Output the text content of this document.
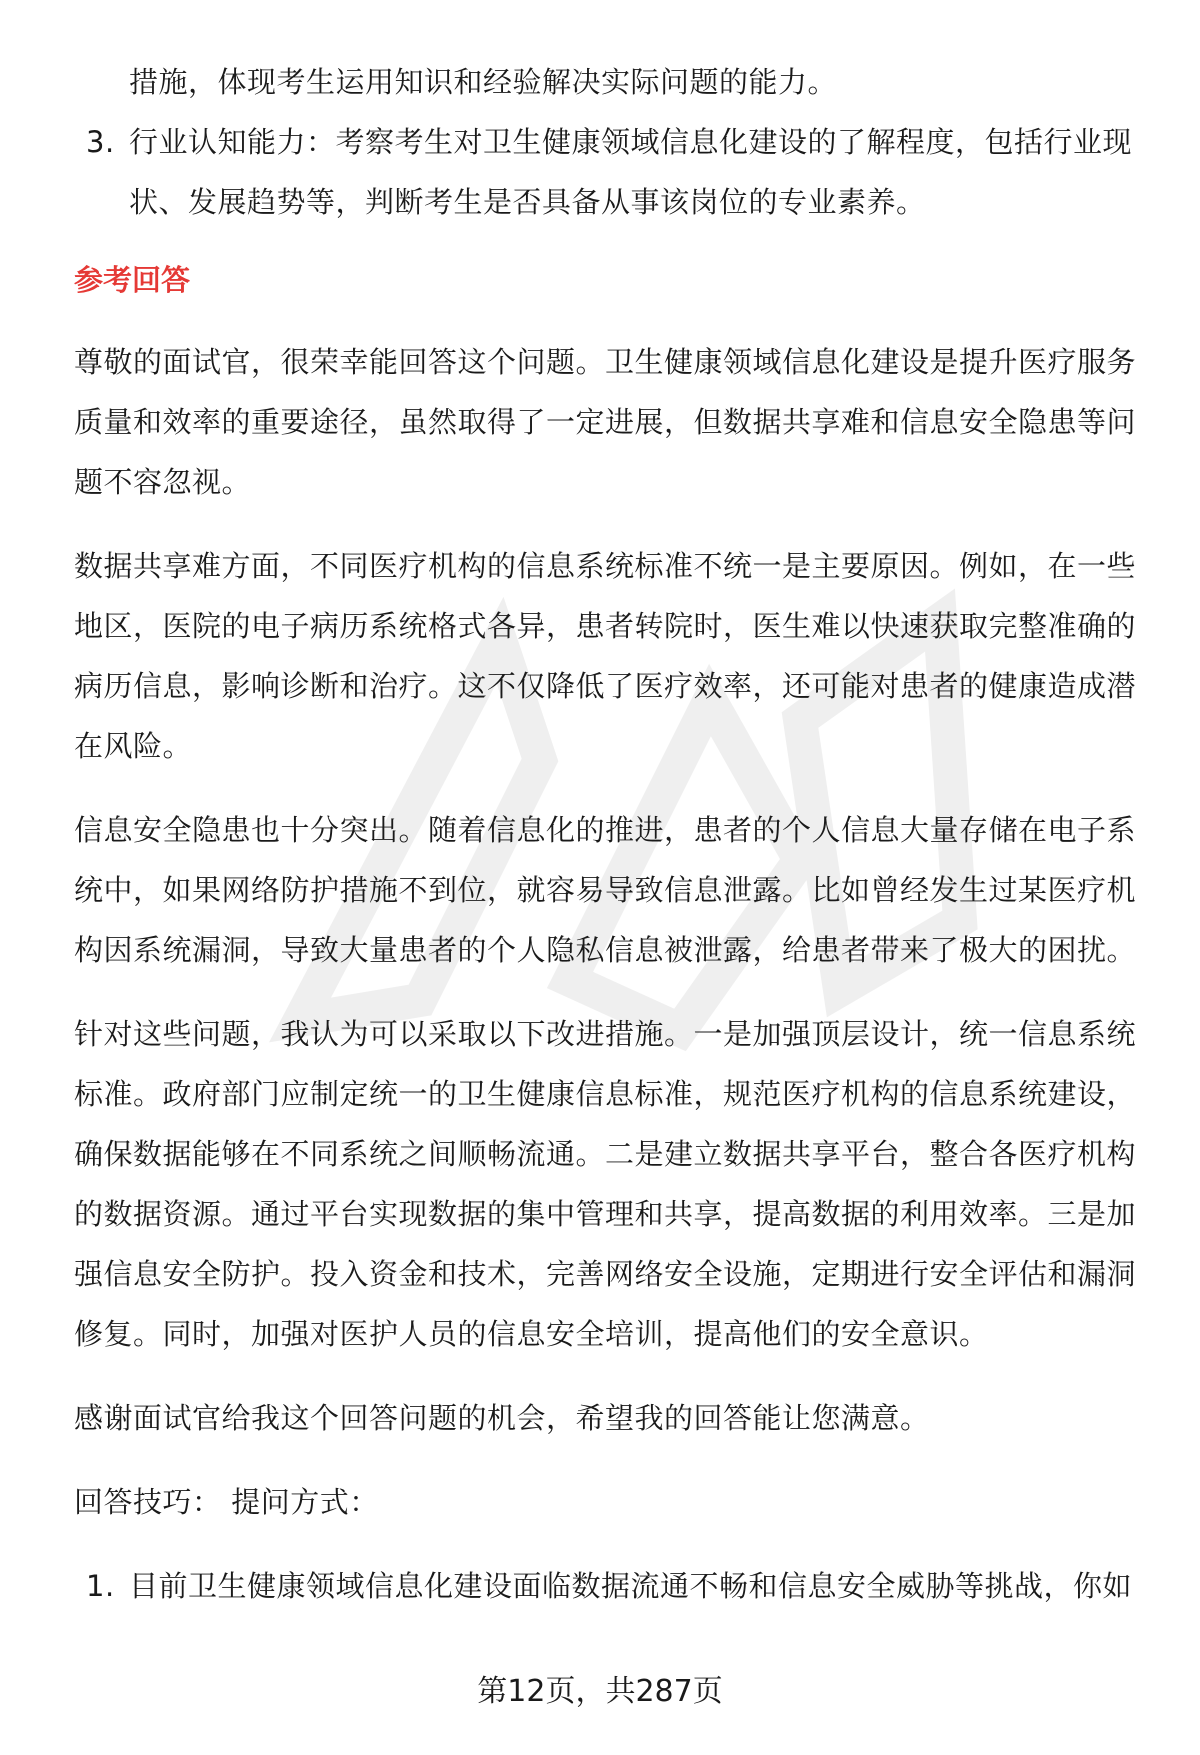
措施，体现考生运用知识和经验解决实际问题的能力。
3. 行业认知能力：考察考生对卫生健康领域信息化建设的了解程度，包括行业现
状、发展趋势等，判断考生是否具备从事该岗位的专业素养。
参考回答
尊敬的面试官，很荣幸能回答这个问题。卫生健康领域信息化建设是提升医疗服务
质量和效率的重要途径，虽然取得了一定进展，但数据共享难和信息安全隐患等问
题不容忽视。
数据共享难方面，不同医疗机构的信息系统标准不统一是主要原因。例如，在一些
地区，医院的电子病历系统格式各异，患者转院时，医生难以快速获取完整准确的
病历信息，影响诊断和治疗。这不仅降低了医疗效率，还可能对患者的健康造成潜
在风险。
信息安全隐患也十分突出。随着信息化的推进，患者的个人信息大量存储在电子系
统中，如果网络防护措施不到位，就容易导致信息泄露。比如曾经发生过某医疗机
构因系统漏洞，导致大量患者的个人隐私信息被泄露，给患者带来了极大的困扰。
针对这些问题，我认为可以采取以下改进措施。一是加强顶层设计，统一信息系统
标准。政府部门应制定统一的卫生健康信息标准，规范医疗机构的信息系统建设，
确保数据能够在不同系统之间顺畅流通。二是建立数据共享平台，整合各医疗机构
的数据资源。通过平台实现数据的集中管理和共享，提高数据的利用效率。三是加
强信息安全防护。投入资金和技术，完善网络安全设施，定期进行安全评估和漏洞
修复。同时，加强对医护人员的信息安全培训，提高他们的安全意识。
感谢面试官给我这个回答问题的机会，希望我的回答能让您满意。
回答技巧： 提问方式：
1. 目前卫生健康领域信息化建设面临数据流通不畅和信息安全威胁等挑战，你如
第12页，共287页
